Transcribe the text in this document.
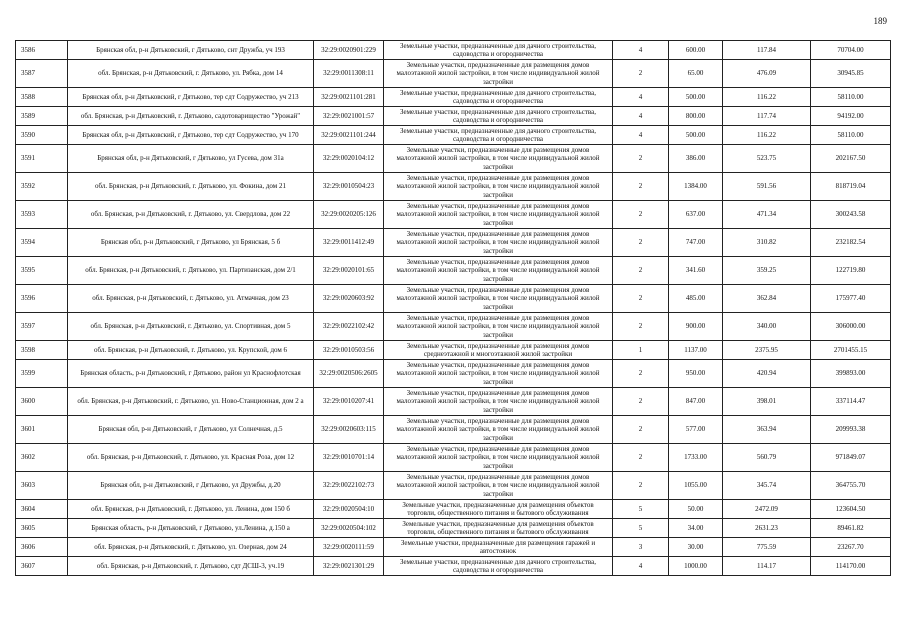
189
3586	Брянская обл, р-н Дятьковский, г Дятьково, снт Дружба, уч 193	32:29:0020901:229	Земельные участки, предназначенные для дачного строительства, садоводства и огородничества	4	600.00	117.84	70704.00
3587	обл. Брянская, р-н Дятьковский, г. Дятьково, ул. Рябка, дом 14	32:29:0011308:11	Земельные участки, предназначенные для размещения домов малоэтажной жилой застройки, в том числе индивидуальной жилой застройки	2	65.00	476.09	30945.85
3588	Брянская обл, р-н Дятьковский, г Дятьково, тер сдт Содружество, уч 213	32:29:0021101:281	Земельные участки, предназначенные для дачного строительства, садоводства и огородничества	4	500.00	116.22	58110.00
3589	обл. Брянская, р-н Дятьковский, г. Дятьково, садотоварищество "Урожай"	32:29:0021001:57	Земельные участки, предназначенные для дачного строительства, садоводства и огородничества	4	800.00	117.74	94192.00
3590	Брянская обл, р-н Дятьковский, г Дятьково, тер сдт Содружество, уч 170	32:29:0021101:244	Земельные участки, предназначенные для дачного строительства, садоводства и огородничества	4	500.00	116.22	58110.00
3591	Брянская обл, р-н Дятьковский, г Дятьково, ул Гусева, дом 31а	32:29:0020104:12	Земельные участки, предназначенные для размещения домов малоэтажной жилой застройки, в том числе индивидуальной жилой застройки	2	386.00	523.75	202167.50
3592	обл. Брянская, р-н Дятьковский, г. Дятьково, ул. Фокина, дом 21	32:29:0010504:23	Земельные участки, предназначенные для размещения домов малоэтажной жилой застройки, в том числе индивидуальной жилой застройки	2	1384.00	591.56	818719.04
3593	обл. Брянская, р-н Дятьковский, г. Дятьково, ул. Свердлова, дом 22	32:29:0020205:126	Земельные участки, предназначенные для размещения домов малоэтажной жилой застройки, в том числе индивидуальной жилой застройки	2	637.00	471.34	300243.58
3594	Брянская обл, р-н Дятьковский, г Дятьково, ул Брянская, 5 б	32:29:0011412:49	Земельные участки, предназначенные для размещения домов малоэтажной жилой застройки, в том числе индивидуальной жилой застройки	2	747.00	310.82	232182.54
3595	обл. Брянская, р-н Дятьковский, г. Дятьково, ул. Партизанская, дом 2/1	32:29:0020101:65	Земельные участки, предназначенные для размещения домов малоэтажной жилой застройки, в том числе индивидуальной жилой застройки	2	341.60	359.25	122719.80
3596	обл. Брянская, р-н Дятьковский, г. Дятьково, ул. Атмачная, дом 23	32:29:0020603:92	Земельные участки, предназначенные для размещения домов малоэтажной жилой застройки, в том числе индивидуальной жилой застройки	2	485.00	362.84	175977.40
3597	обл. Брянская, р-н Дятьковский, г. Дятьково, ул. Спортивная, дом 5	32:29:0022102:42	Земельные участки, предназначенные для размещения домов малоэтажной жилой застройки, в том числе индивидуальной жилой застройки	2	900.00	340.00	306000.00
3598	обл. Брянская, р-н Дятьковский, г. Дятьково, ул. Крупской, дом 6	32:29:0010503:56	Земельные участки, предназначенные для размещения домов среднеэтажной и многоэтажной жилой застройки	1	1137.00	2375.95	2701455.15
3599	Брянская область, р-н Дятьковский, г Дятьково, район ул Краснофлотская	32:29:0020506:2605	Земельные участки, предназначенные для размещения домов малоэтажной жилой застройки, в том числе индивидуальной жилой застройки	2	950.00	420.94	399893.00
3600	обл. Брянская, р-н Дятьковский, г. Дятьково, ул. Ново-Станционная, дом 2 а	32:29:0010207:41	Земельные участки, предназначенные для размещения домов малоэтажной жилой застройки, в том числе индивидуальной жилой застройки	2	847.00	398.01	337114.47
3601	Брянская обл, р-н Дятьковский, г Дятьково, ул Солнечная, д.5	32:29:0020603:115	Земельные участки, предназначенные для размещения домов малоэтажной жилой застройки, в том числе индивидуальной жилой застройки	2	577.00	363.94	209993.38
3602	обл. Брянская, р-н Дятьковский, г. Дятьково, ул. Красная Роза, дом 12	32:29:0010701:14	Земельные участки, предназначенные для размещения домов малоэтажной жилой застройки, в том числе индивидуальной жилой застройки	2	1733.00	560.79	971849.07
3603	Брянская обл, р-н Дятьковский, г Дятьково, ул Дружбы, д.20	32:29:0022102:73	Земельные участки, предназначенные для размещения домов малоэтажной жилой застройки, в том числе индивидуальной жилой застройки	2	1055.00	345.74	364755.70
3604	обл. Брянская, р-н Дятьковский, г. Дятьково, ул. Ленина, дом 150 б	32:29:0020504:10	Земельные участки, предназначенные для размещения объектов торговли, общественного питания и бытового обслуживания	5	50.00	2472.09	123604.50
3605	Брянская область, р-н Дятьковский, г Дятьково, ул.Ленина, д.150 а	32:29:0020504:102	Земельные участки, предназначенные для размещения объектов торговли, общественного питания и бытового обслуживания	5	34.00	2631.23	89461.82
3606	обл. Брянская, р-н Дятьковский, г. Дятьково, ул. Озерная, дом 24	32:29:0020111:59	Земельные участки, предназначенные для размещения гаражей и автостоянок	3	30.00	775.59	23267.70
3607	обл. Брянская, р-н Дятьковский, г. Дятьково, сдт ДСШ-3, уч.19	32:29:0021301:29	Земельные участки, предназначенные для дачного строительства, садоводства и огородничества	4	1000.00	114.17	114170.00
